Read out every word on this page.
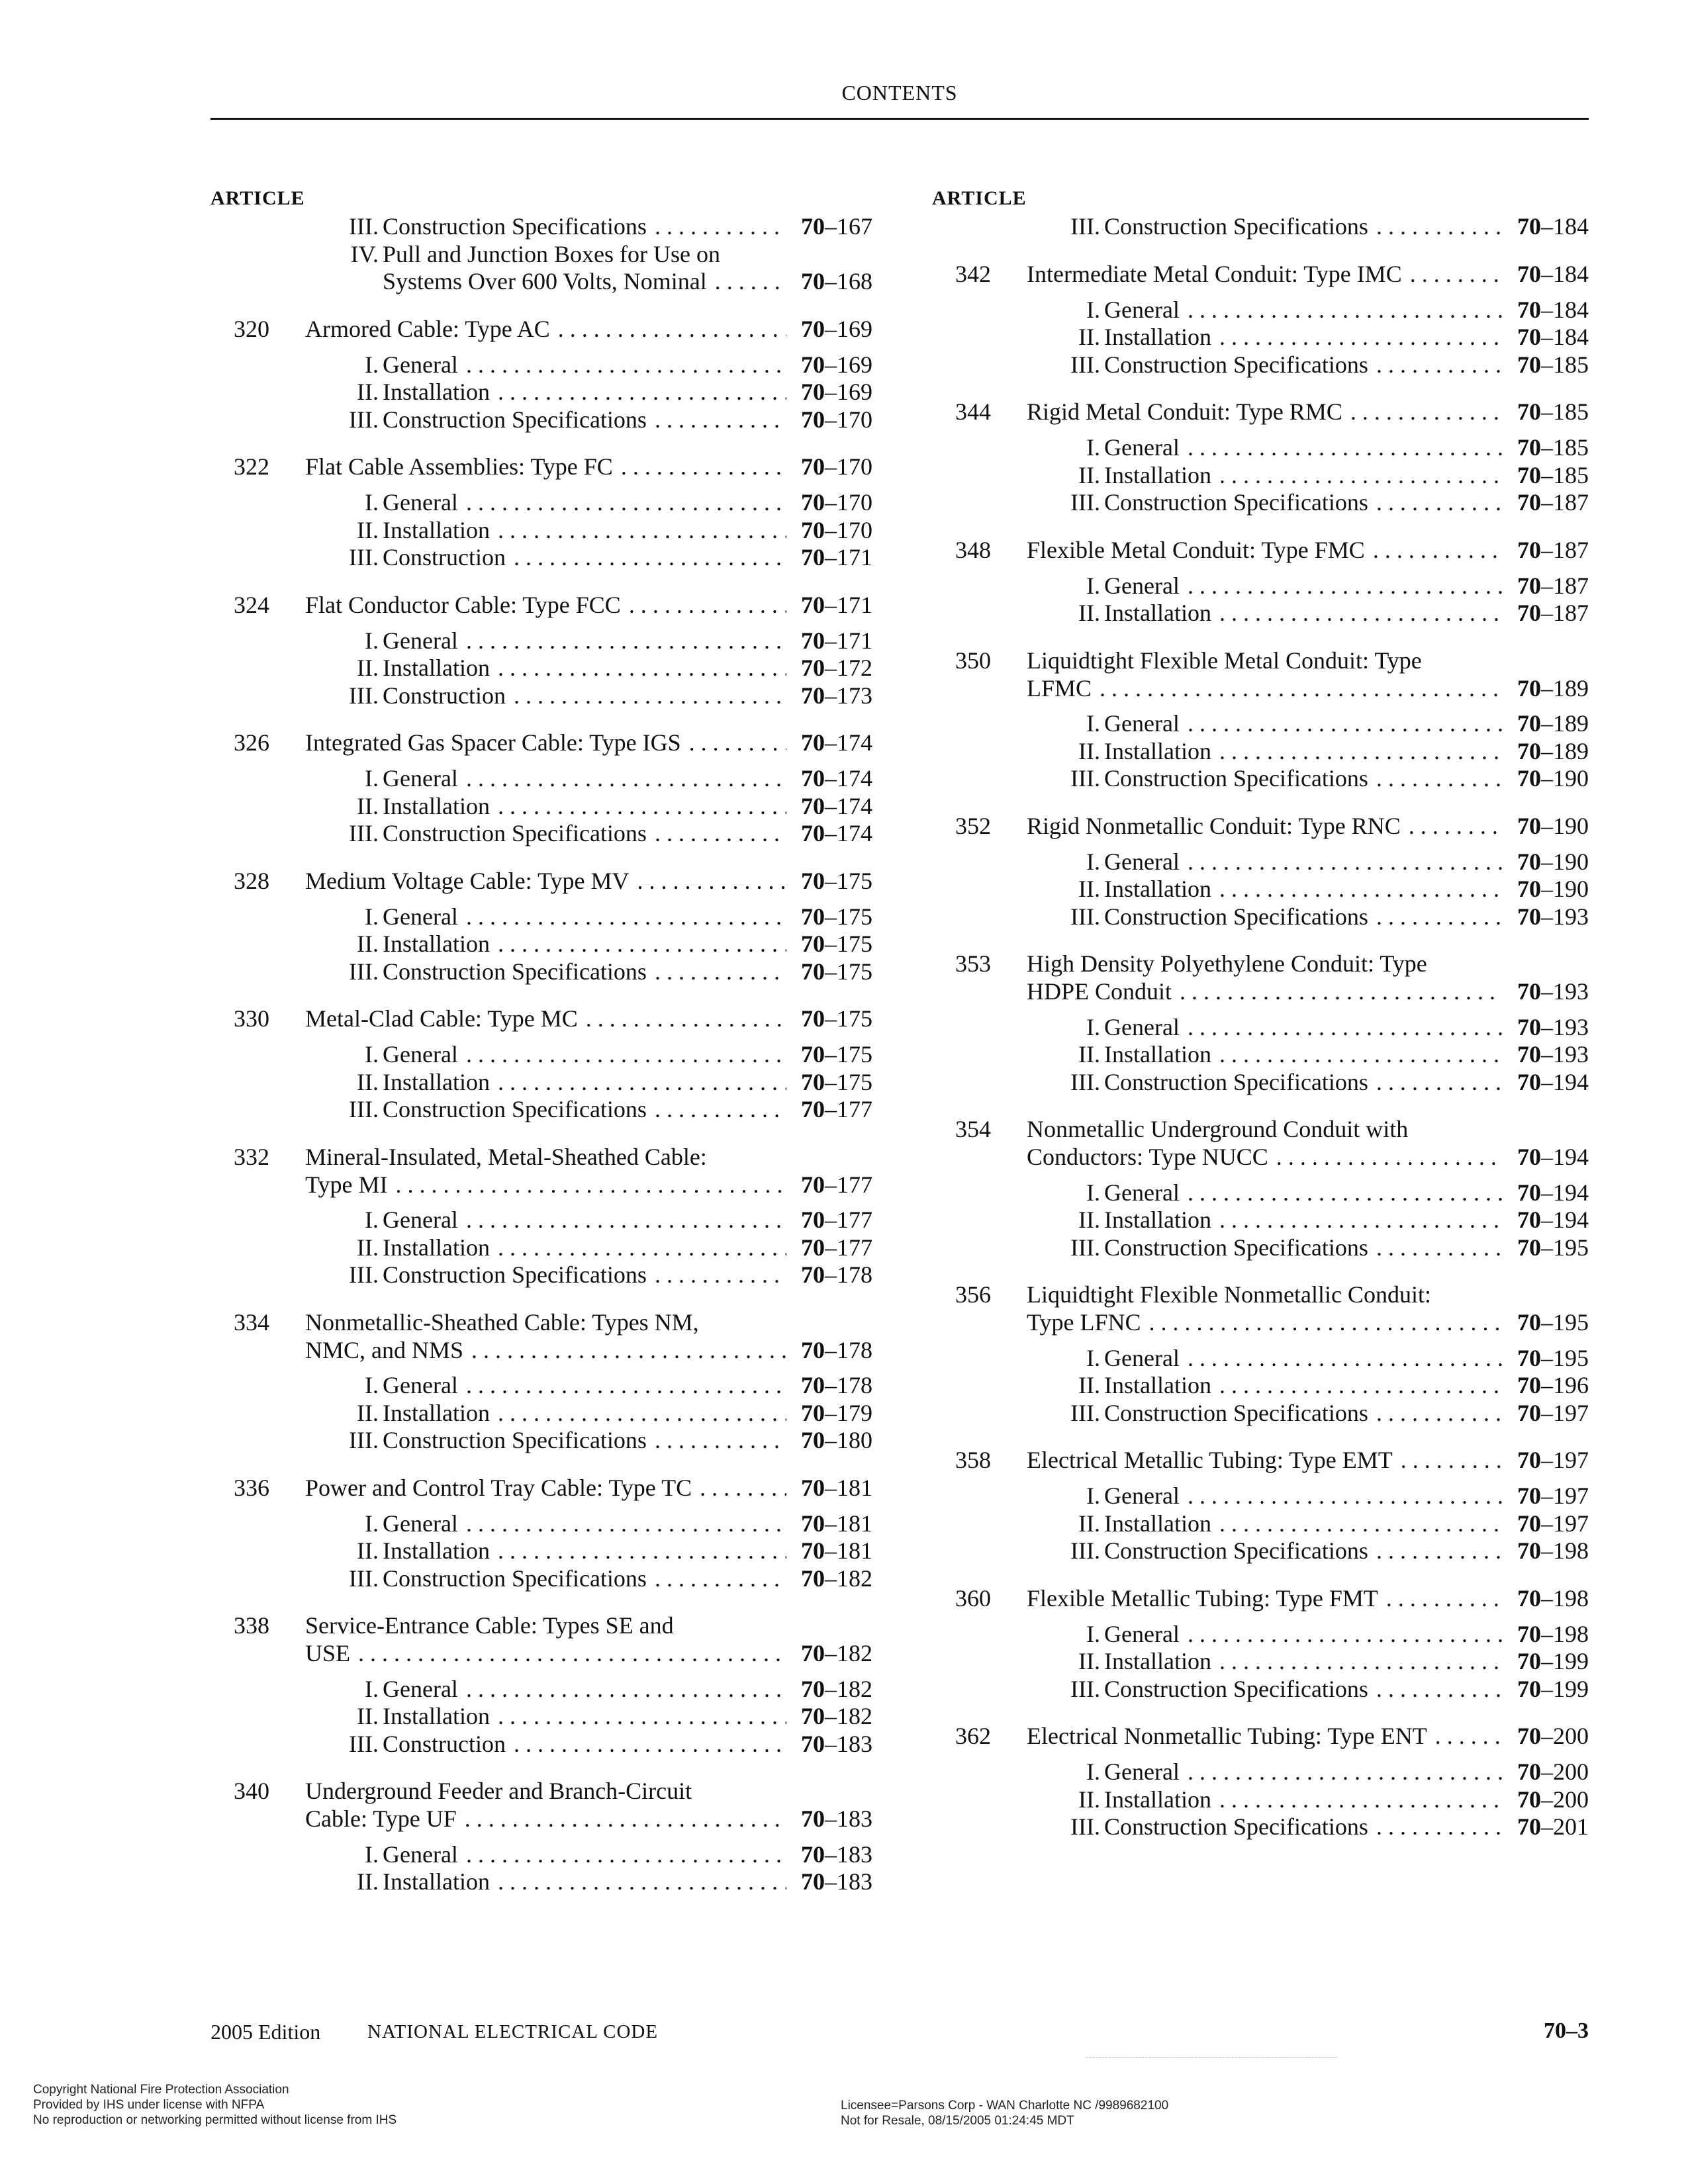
CONTENTS
ARTICLE
III. Construction Specifications . . .	70–167
IV. Pull and Junction Boxes for Use on
Systems Over 600 Volts, Nominal . . .	70–168
320 Armored Cable: Type AC . . .	70–169
I. General . . .	70–169
II. Installation . . .	70–169
III. Construction Specifications . . .	70–170
322 Flat Cable Assemblies: Type FC . . .	70–170
I. General . . .	70–170
II. Installation . . .	70–170
III. Construction . . .	70–171
324 Flat Conductor Cable: Type FCC . . .	70–171
I. General . . .	70–171
II. Installation . . .	70–172
III. Construction . . .	70–173
326 Integrated Gas Spacer Cable: Type IGS . . .	70–174
I. General . . .	70–174
II. Installation . . .	70–174
III. Construction Specifications . . .	70–174
328 Medium Voltage Cable: Type MV . . .	70–175
I. General . . .	70–175
II. Installation . . .	70–175
III. Construction Specifications . . .	70–175
330 Metal-Clad Cable: Type MC . . .	70–175
I. General . . .	70–175
II. Installation . . .	70–175
III. Construction Specifications . . .	70–177
332 Mineral-Insulated, Metal-Sheathed Cable:
Type MI . . .	70–177
I. General . . .	70–177
II. Installation . . .	70–177
III. Construction Specifications . . .	70–178
334 Nonmetallic-Sheathed Cable: Types NM,
NMC, and NMS . . .	70–178
I. General . . .	70–178
II. Installation . . .	70–179
III. Construction Specifications . . .	70–180
336 Power and Control Tray Cable: Type TC . . .	70–181
I. General . . .	70–181
II. Installation . . .	70–181
III. Construction Specifications . . .	70–182
338 Service-Entrance Cable: Types SE and
USE . . .	70–182
I. General . . .	70–182
II. Installation . . .	70–182
III. Construction . . .	70–183
340 Underground Feeder and Branch-Circuit
Cable: Type UF . . .	70–183
I. General . . .	70–183
II. Installation . . .	70–183
ARTICLE
III. Construction Specifications . . .	70–184
342 Intermediate Metal Conduit: Type IMC . . .	70–184
I. General . . .	70–184
II. Installation . . .	70–184
III. Construction Specifications . . .	70–185
344 Rigid Metal Conduit: Type RMC . . .	70–185
I. General . . .	70–185
II. Installation . . .	70–185
III. Construction Specifications . . .	70–187
348 Flexible Metal Conduit: Type FMC . . .	70–187
I. General . . .	70–187
II. Installation . . .	70–187
350 Liquidtight Flexible Metal Conduit: Type
LFMC . . .	70–189
I. General . . .	70–189
II. Installation . . .	70–189
III. Construction Specifications . . .	70–190
352 Rigid Nonmetallic Conduit: Type RNC . . .	70–190
I. General . . .	70–190
II. Installation . . .	70–190
III. Construction Specifications . . .	70–193
353 High Density Polyethylene Conduit: Type
HDPE Conduit . . .	70–193
I. General . . .	70–193
II. Installation . . .	70–193
III. Construction Specifications . . .	70–194
354 Nonmetallic Underground Conduit with
Conductors: Type NUCC . . .	70–194
I. General . . .	70–194
II. Installation . . .	70–194
III. Construction Specifications . . .	70–195
356 Liquidtight Flexible Nonmetallic Conduit:
Type LFNC . . .	70–195
I. General . . .	70–195
II. Installation . . .	70–196
III. Construction Specifications . . .	70–197
358 Electrical Metallic Tubing: Type EMT . . .	70–197
I. General . . .	70–197
II. Installation . . .	70–197
III. Construction Specifications . . .	70–198
360 Flexible Metallic Tubing: Type FMT . . .	70–198
I. General . . .	70–198
II. Installation . . .	70–199
III. Construction Specifications . . .	70–199
362 Electrical Nonmetallic Tubing: Type ENT . . .	70–200
I. General . . .	70–200
II. Installation . . .	70–200
III. Construction Specifications . . .	70–201
2005 Edition NATIONAL ELECTRICAL CODE	70–3
Copyright National Fire Protection Association
Provided by IHS under license with NFPA
No reproduction or networking permitted without license from IHS
Licensee=Parsons Corp - WAN Charlotte NC /9989682100
Not for Resale, 08/15/2005 01:24:45 MDT
